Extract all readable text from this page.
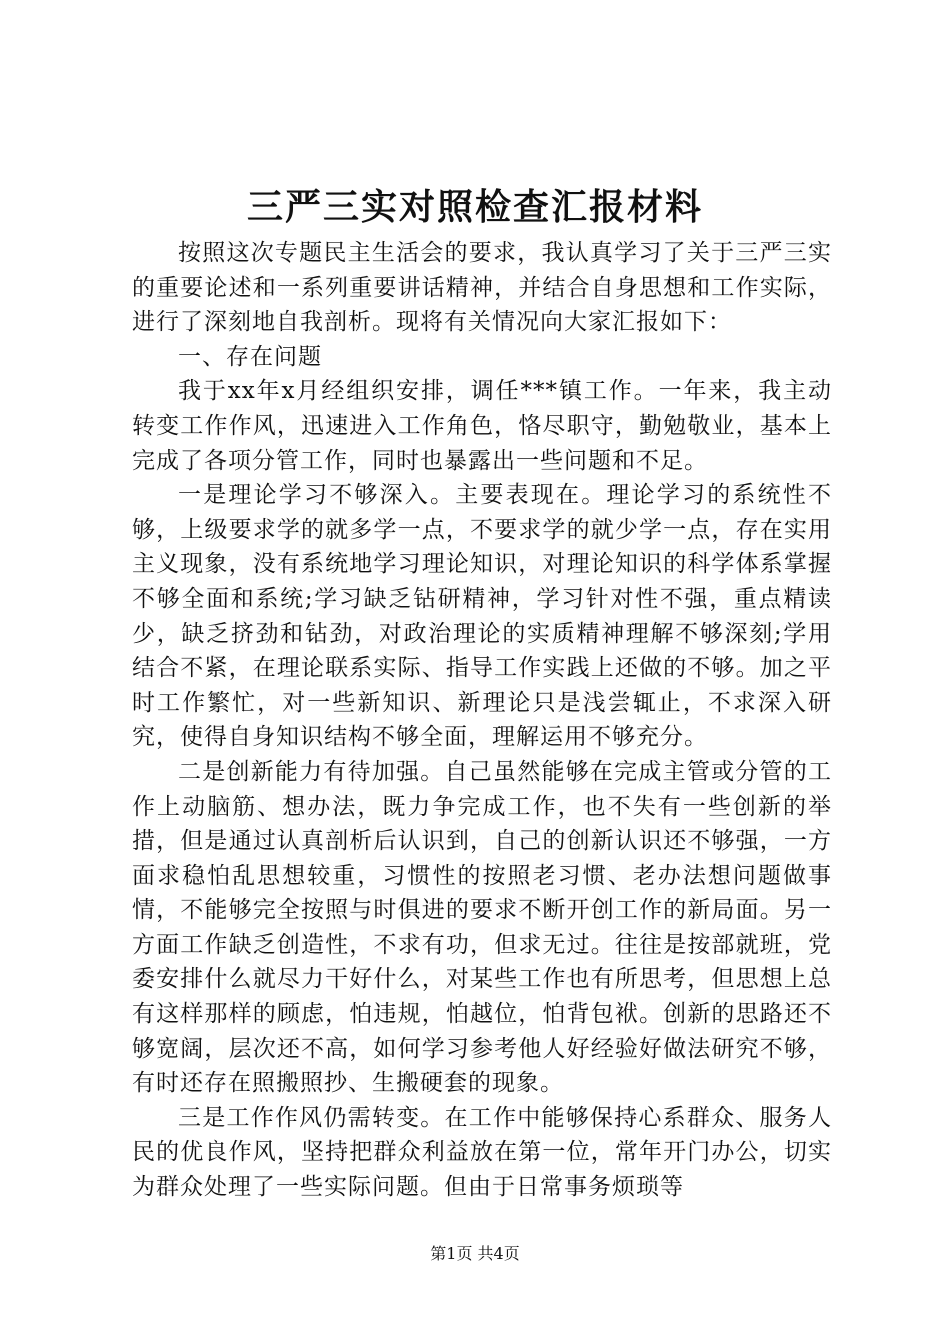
三严三实对照检查汇报材料

按照这次专题民主生活会的要求，我认真学习了关于三严三实的重要论述和一系列重要讲话精神，并结合自身思想和工作实际，进行了深刻地自我剖析。现将有关情况向大家汇报如下：

一、存在问题

我于xx年x月经组织安排，调任***镇工作。一年来，我主动转变工作作风，迅速进入工作角色，恪尽职守，勤勉敬业，基本上完成了各项分管工作，同时也暴露出一些问题和不足。

一是理论学习不够深入。主要表现在。理论学习的系统性不够，上级要求学的就多学一点，不要求学的就少学一点，存在实用主义现象，没有系统地学习理论知识，对理论知识的科学体系掌握不够全面和系统;学习缺乏钻研精神，学习针对性不强，重点精读少，缺乏挤劲和钻劲，对政治理论的实质精神理解不够深刻;学用结合不紧，在理论联系实际、指导工作实践上还做的不够。加之平时工作繁忙，对一些新知识、新理论只是浅尝辄止，不求深入研究，使得自身知识结构不够全面，理解运用不够充分。

二是创新能力有待加强。自己虽然能够在完成主管或分管的工作上动脑筋、想办法，既力争完成工作，也不失有一些创新的举措，但是通过认真剖析后认识到，自己的创新认识还不够强，一方面求稳怕乱思想较重，习惯性的按照老习惯、老办法想问题做事情，不能够完全按照与时俱进的要求不断开创工作的新局面。另一方面工作缺乏创造性，不求有功，但求无过。往往是按部就班，党委安排什么就尽力干好什么，对某些工作也有所思考，但思想上总有这样那样的顾虑，怕违规，怕越位，怕背包袱。创新的思路还不够宽阔，层次还不高，如何学习参考他人好经验好做法研究不够，有时还存在照搬照抄、生搬硬套的现象。

三是工作作风仍需转变。在工作中能够保持心系群众、服务人民的优良作风，坚持把群众利益放在第一位，常年开门办公，切实为群众处理了一些实际问题。但由于日常事务烦琐等

第1页 共4页
